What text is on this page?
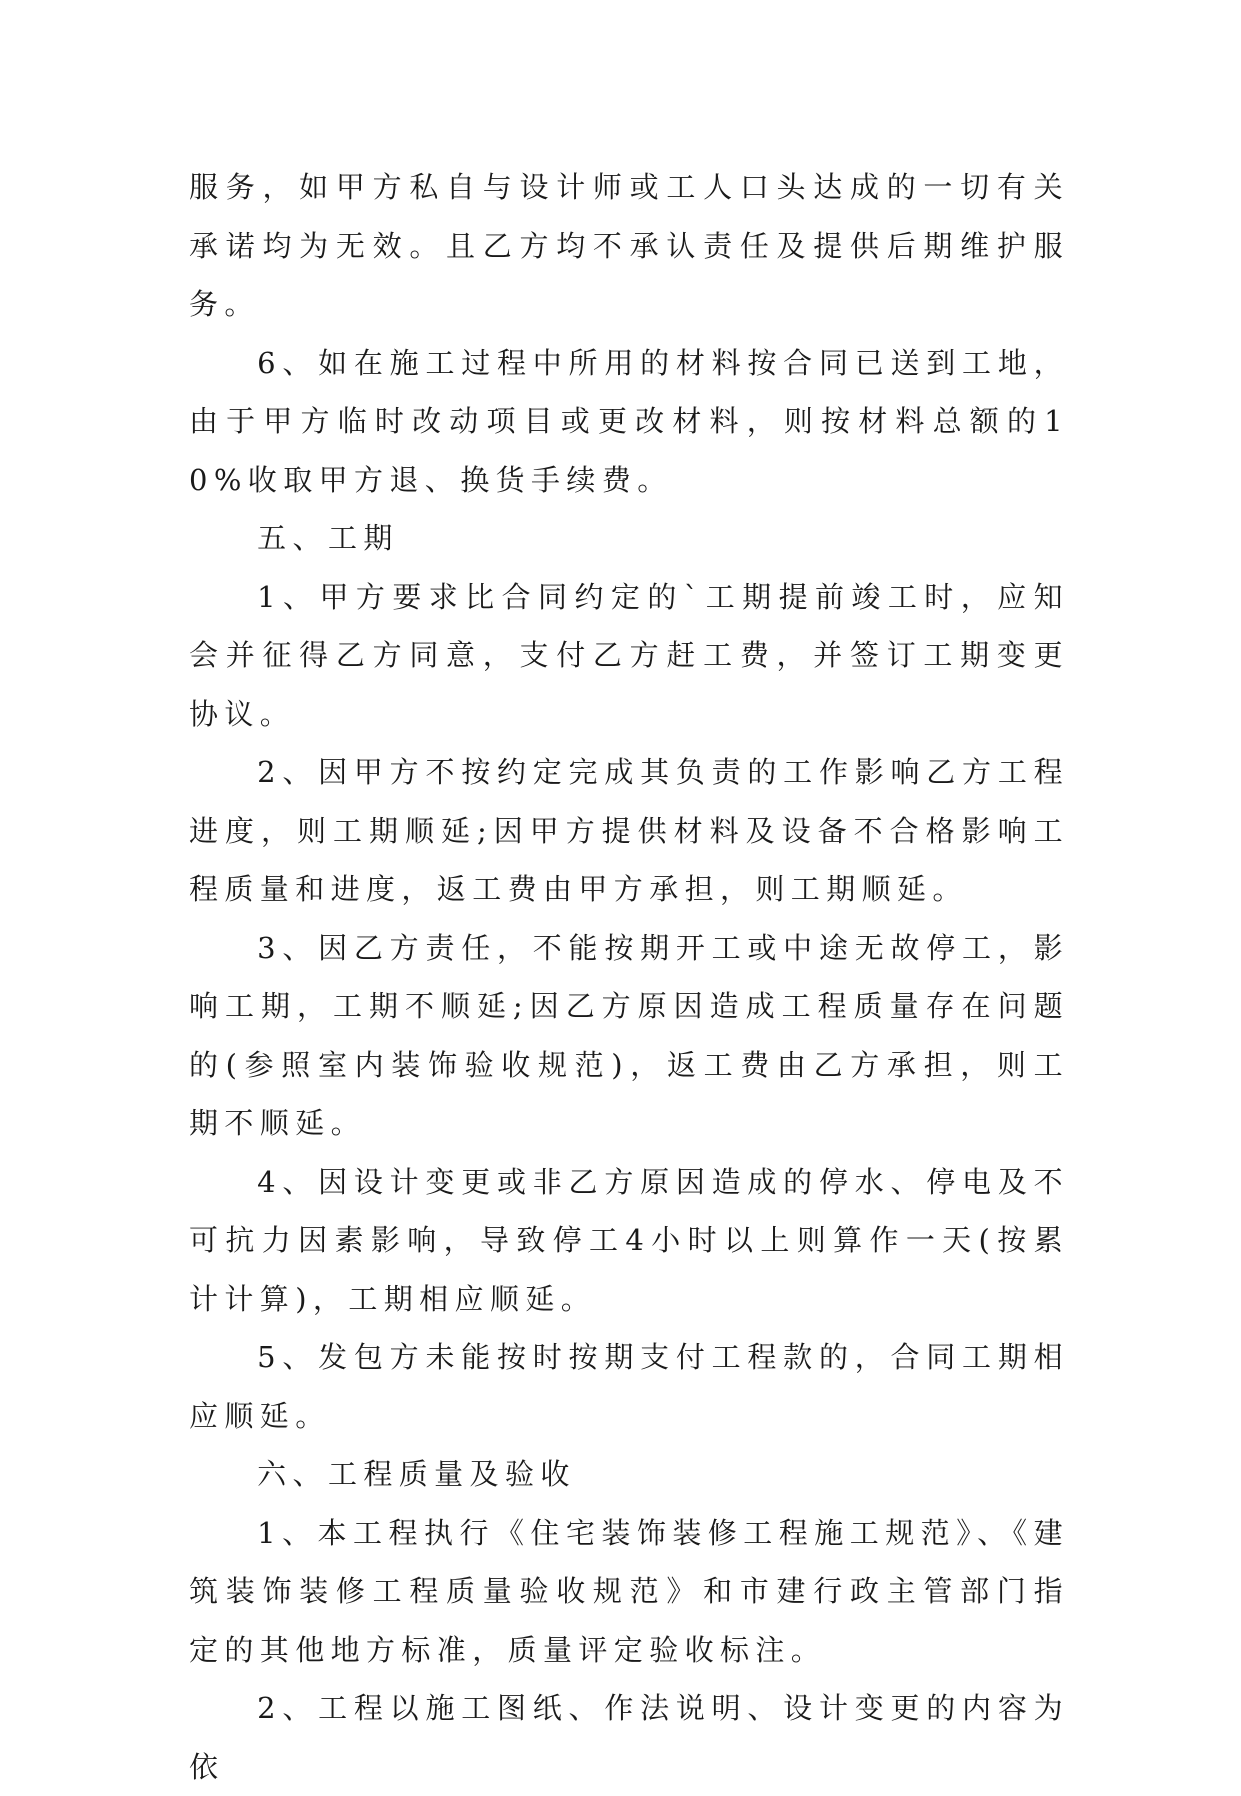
服务，如甲方私自与设计师或工人口头达成的一切有关承诺均为无效。且乙方均不承认责任及提供后期维护服务。

6、如在施工过程中所用的材料按合同已送到工地，由于甲方临时改动项目或更改材料，则按材料总额的10%收取甲方退、换货手续费。

五、工期

1、甲方要求比合同约定的`工期提前竣工时，应知会并征得乙方同意，支付乙方赶工费，并签订工期变更协议。

2、因甲方不按约定完成其负责的工作影响乙方工程进度，则工期顺延;因甲方提供材料及设备不合格影响工程质量和进度，返工费由甲方承担，则工期顺延。

3、因乙方责任，不能按期开工或中途无故停工，影响工期，工期不顺延;因乙方原因造成工程质量存在问题的(参照室内装饰验收规范)，返工费由乙方承担，则工期不顺延。

4、因设计变更或非乙方原因造成的停水、停电及不可抗力因素影响，导致停工4小时以上则算作一天(按累计计算)，工期相应顺延。

5、发包方未能按时按期支付工程款的，合同工期相应顺延。

六、工程质量及验收

1、本工程执行《住宅装饰装修工程施工规范》、《建筑装饰装修工程质量验收规范》和市建行政主管部门指定的其他地方标准，质量评定验收标注。

2、工程以施工图纸、作法说明、设计变更的内容为依
